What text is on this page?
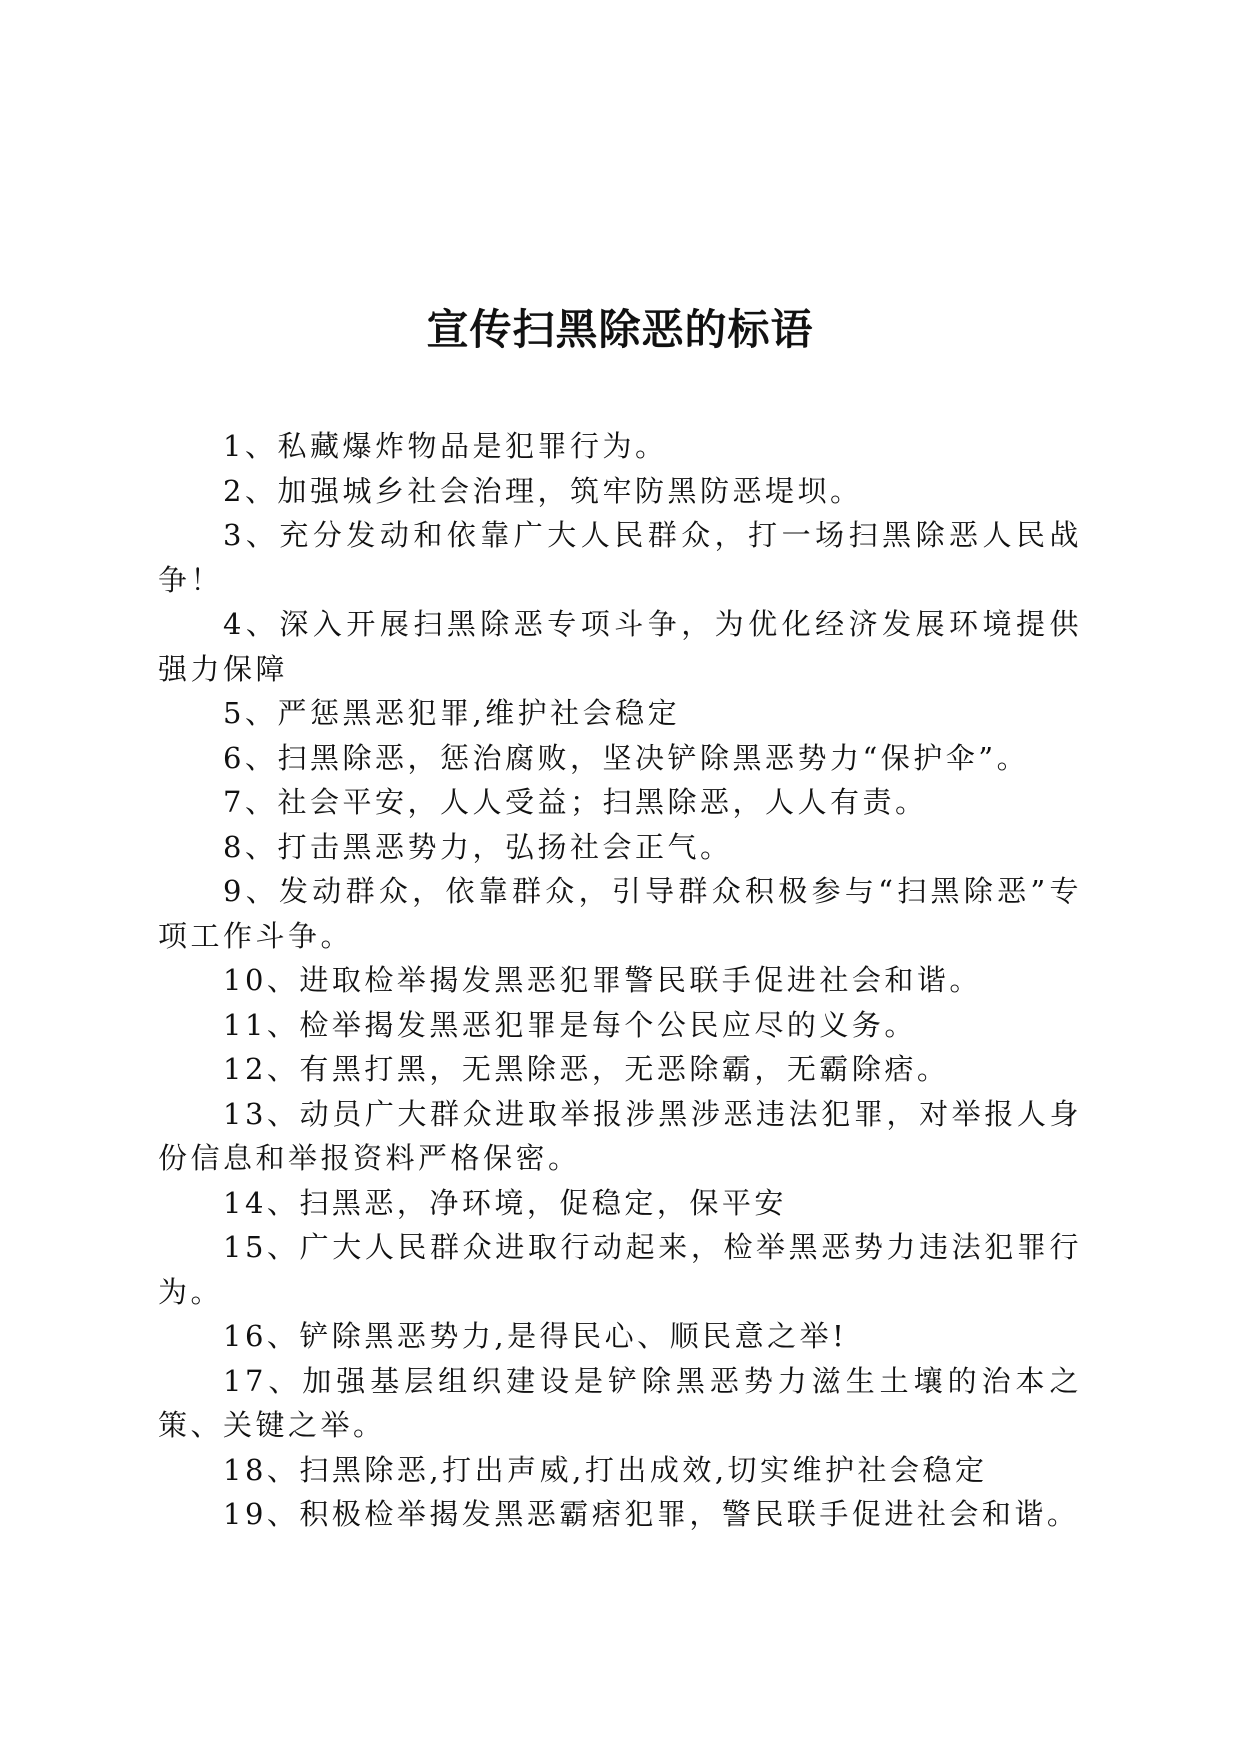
宣传扫黑除恶的标语

1、私藏爆炸物品是犯罪行为。

2、加强城乡社会治理，筑牢防黑防恶堤坝。

3、充分发动和依靠广大人民群众，打一场扫黑除恶人民战争！

4、深入开展扫黑除恶专项斗争，为优化经济发展环境提供强力保障

5、严惩黑恶犯罪,维护社会稳定

6、扫黑除恶，惩治腐败，坚决铲除黑恶势力“保护伞”。

7、社会平安，人人受益；扫黑除恶，人人有责。

8、打击黑恶势力，弘扬社会正气。

9、发动群众，依靠群众，引导群众积极参与“扫黑除恶”专项工作斗争。

10、进取检举揭发黑恶犯罪警民联手促进社会和谐。

11、检举揭发黑恶犯罪是每个公民应尽的义务。

12、有黑打黑，无黑除恶，无恶除霸，无霸除痞。

13、动员广大群众进取举报涉黑涉恶违法犯罪，对举报人身份信息和举报资料严格保密。

14、扫黑恶，净环境，促稳定，保平安

15、广大人民群众进取行动起来，检举黑恶势力违法犯罪行为。

16、铲除黑恶势力,是得民心、顺民意之举!

17、加强基层组织建设是铲除黑恶势力滋生土壤的治本之策、关键之举。

18、扫黑除恶,打出声威,打出成效,切实维护社会稳定

19、积极检举揭发黑恶霸痞犯罪，警民联手促进社会和谐。
